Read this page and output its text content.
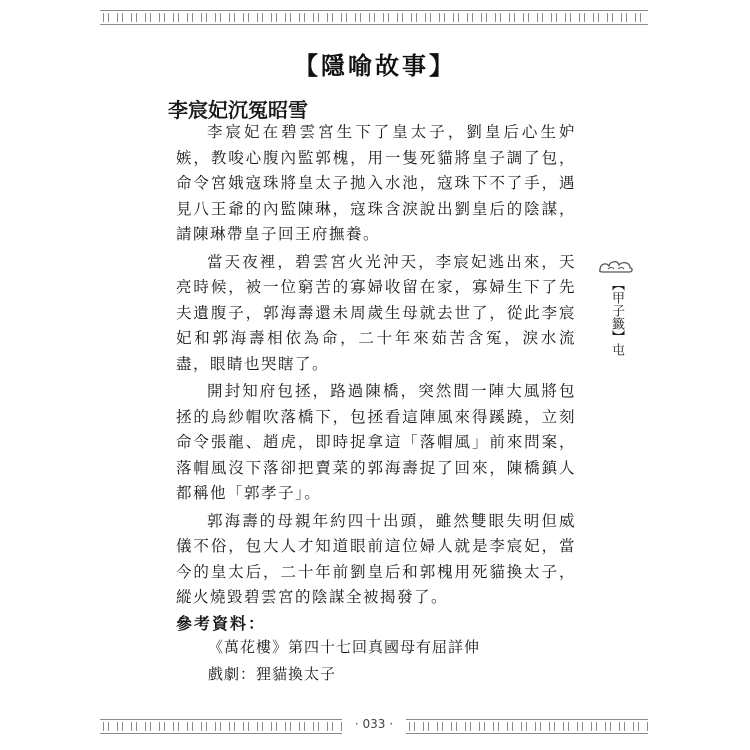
【隱喻故事】
李宸妃沉冤昭雪

李宸妃在碧雲宮生下了皇太子，劉皇后心生妒嫉，教唆心腹內監郭槐，用一隻死貓將皇子調了包，命令宮娥寇珠將皇太子拋入水池，寇珠下不了手，遇見八王爺的內監陳琳，寇珠含淚說出劉皇后的陰謀，請陳琳帶皇子回王府撫養。

當天夜裡，碧雲宮火光沖天，李宸妃逃出來，天亮時候，被一位窮苦的寡婦收留在家，寡婦生下了先夫遺腹子，郭海壽還未周歲生母就去世了，從此李宸妃和郭海壽相依為命，二十年來茹苦含冤，淚水流盡，眼睛也哭瞎了。

開封知府包拯，路過陳橋，突然間一陣大風將包拯的烏紗帽吹落橋下，包拯看這陣風來得蹊蹺，立刻命令張龍、趙虎，即時捉拿這「落帽風」前來問案，落帽風沒下落卻把賣菜的郭海壽捉了回來，陳橋鎮人都稱他「郭孝子」。

郭海壽的母親年約四十出頭，雖然雙眼失明但威儀不俗，包大人才知道眼前這位婦人就是李宸妃，當今的皇太后，二十年前劉皇后和郭槐用死貓換太子，縱火燒毀碧雲宮的陰謀全被揭發了。

參考資料：
《萬花樓》第四十七回真國母有屈詳伸
戲劇：狸貓換太子
【甲子籤】屯
· 033 ·
